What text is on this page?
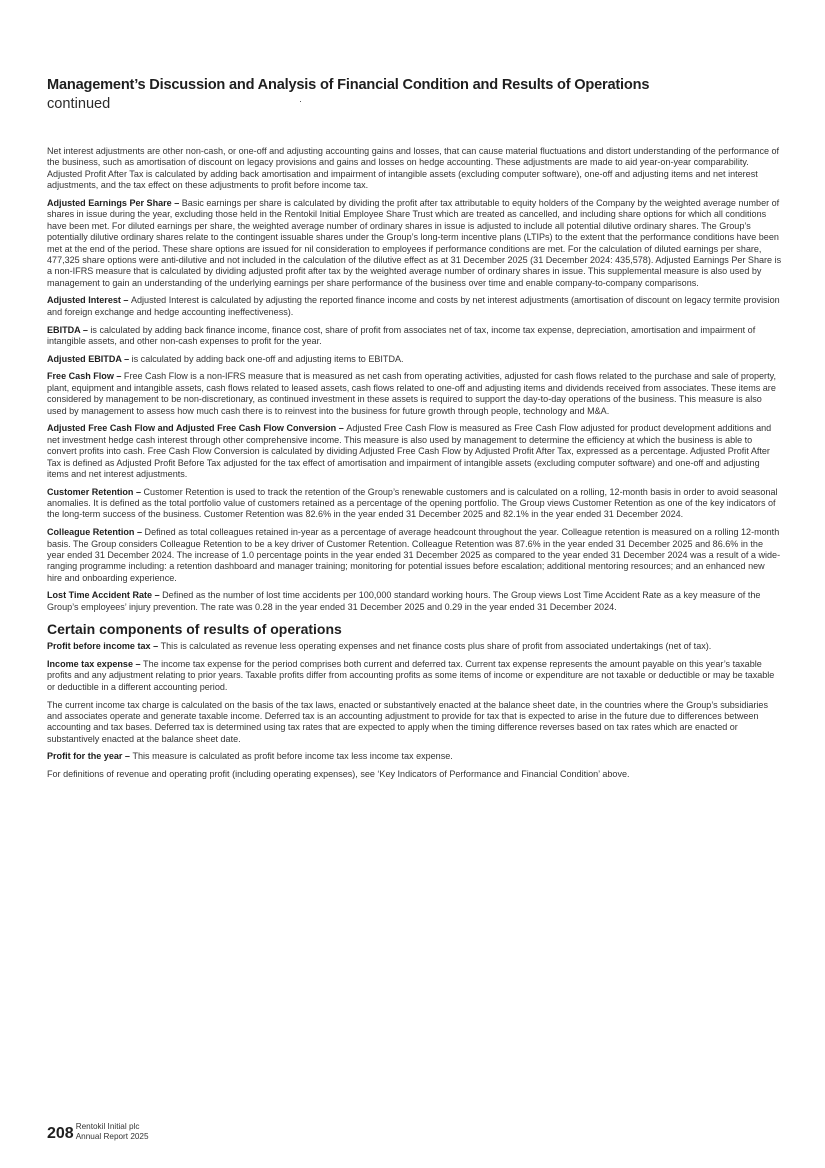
Management’s Discussion and Analysis of Financial Condition and Results of Operations

continued

Net interest adjustments are other non-cash, or one-off and adjusting accounting gains and losses, that can cause material fluctuations and distort understanding of the performance of the business, such as amortisation of discount on legacy provisions and gains and losses on hedge accounting. These adjustments are made to aid year-on-year comparability. Adjusted Profit After Tax is calculated by adding back amortisation and impairment of intangible assets (excluding computer software), one-off and adjusting items and net interest adjustments, and the tax effect on these adjustments to profit before income tax.

Adjusted Earnings Per Share – Basic earnings per share is calculated by dividing the profit after tax attributable to equity holders of the Company by the weighted average number of shares in issue during the year, excluding those held in the Rentokil Initial Employee Share Trust which are treated as cancelled, and including share options for which all conditions have been met. For diluted earnings per share, the weighted average number of ordinary shares in issue is adjusted to include all potential dilutive ordinary shares. The Group’s potentially dilutive ordinary shares relate to the contingent issuable shares under the Group’s long-term incentive plans (LTIPs) to the extent that the performance conditions have been met at the end of the period. These share options are issued for nil consideration to employees if performance conditions are met. For the calculation of diluted earnings per share, 477,325 share options were anti-dilutive and not included in the calculation of the dilutive effect as at 31 December 2025 (31 December 2024: 435,578). Adjusted Earnings Per Share is a non-IFRS measure that is calculated by dividing adjusted profit after tax by the weighted average number of ordinary shares in issue. This supplemental measure is also used by management to gain an understanding of the underlying earnings per share performance of the business over time and enable company-to-company comparisons.

Adjusted Interest – Adjusted Interest is calculated by adjusting the reported finance income and costs by net interest adjustments (amortisation of discount on legacy termite provision and foreign exchange and hedge accounting ineffectiveness).

EBITDA – is calculated by adding back finance income, finance cost, share of profit from associates net of tax, income tax expense, depreciation, amortisation and impairment of intangible assets, and other non-cash expenses to profit for the year.

Adjusted EBITDA – is calculated by adding back one-off and adjusting items to EBITDA.

Free Cash Flow – Free Cash Flow is a non-IFRS measure that is measured as net cash from operating activities, adjusted for cash flows related to the purchase and sale of property, plant, equipment and intangible assets, cash flows related to leased assets, cash flows related to one-off and adjusting items and dividends received from associates. These items are considered by management to be non-discretionary, as continued investment in these assets is required to support the day-to-day operations of the business. This measure is also used by management to assess how much cash there is to reinvest into the business for future growth through people, technology and M&A.

Adjusted Free Cash Flow and Adjusted Free Cash Flow Conversion – Adjusted Free Cash Flow is measured as Free Cash Flow adjusted for product development additions and net investment hedge cash interest through other comprehensive income. This measure is also used by management to determine the efficiency at which the business is able to convert profits into cash. Free Cash Flow Conversion is calculated by dividing Adjusted Free Cash Flow by Adjusted Profit After Tax, expressed as a percentage. Adjusted Profit After Tax is defined as Adjusted Profit Before Tax adjusted for the tax effect of amortisation and impairment of intangible assets (excluding computer software) and one-off and adjusting items and net interest adjustments.

Customer Retention – Customer Retention is used to track the retention of the Group’s renewable customers and is calculated on a rolling, 12-month basis in order to avoid seasonal anomalies. It is defined as the total portfolio value of customers retained as a percentage of the opening portfolio. The Group views Customer Retention as one of the key indicators of the long-term success of the business. Customer Retention was 82.6% in the year ended 31 December 2025 and 82.1% in the year ended 31 December 2024.

Colleague Retention – Defined as total colleagues retained in-year as a percentage of average headcount throughout the year. Colleague retention is measured on a rolling 12-month basis. The Group considers Colleague Retention to be a key driver of Customer Retention. Colleague Retention was 87.6% in the year ended 31 December 2025 and 86.6% in the year ended 31 December 2024. The increase of 1.0 percentage points in the year ended 31 December 2025 as compared to the year ended 31 December 2024 was a result of a wide-ranging programme including: a retention dashboard and manager training; monitoring for potential issues before escalation; additional mentoring resources; and an enhanced new hire and onboarding experience.

Lost Time Accident Rate – Defined as the number of lost time accidents per 100,000 standard working hours. The Group views Lost Time Accident Rate as a key measure of the Group’s employees’ injury prevention. The rate was 0.28 in the year ended 31 December 2025 and 0.29 in the year ended 31 December 2024.

Certain components of results of operations

Profit before income tax – This is calculated as revenue less operating expenses and net finance costs plus share of profit from associated undertakings (net of tax).

Income tax expense – The income tax expense for the period comprises both current and deferred tax. Current tax expense represents the amount payable on this year’s taxable profits and any adjustment relating to prior years. Taxable profits differ from accounting profits as some items of income or expenditure are not taxable or deductible or may be taxable or deductible in a different accounting period.

The current income tax charge is calculated on the basis of the tax laws, enacted or substantively enacted at the balance sheet date, in the countries where the Group’s subsidiaries and associates operate and generate taxable income. Deferred tax is an accounting adjustment to provide for tax that is expected to arise in the future due to differences between accounting and tax bases. Deferred tax is determined using tax rates that are expected to apply when the timing difference reverses based on tax rates which are enacted or substantively enacted at the balance sheet date.

Profit for the year – This measure is calculated as profit before income tax less income tax expense.

For definitions of revenue and operating profit (including operating expenses), see ‘Key Indicators of Performance and Financial Condition’ above.

208 Rentokil Initial plc
Annual Report 2025
